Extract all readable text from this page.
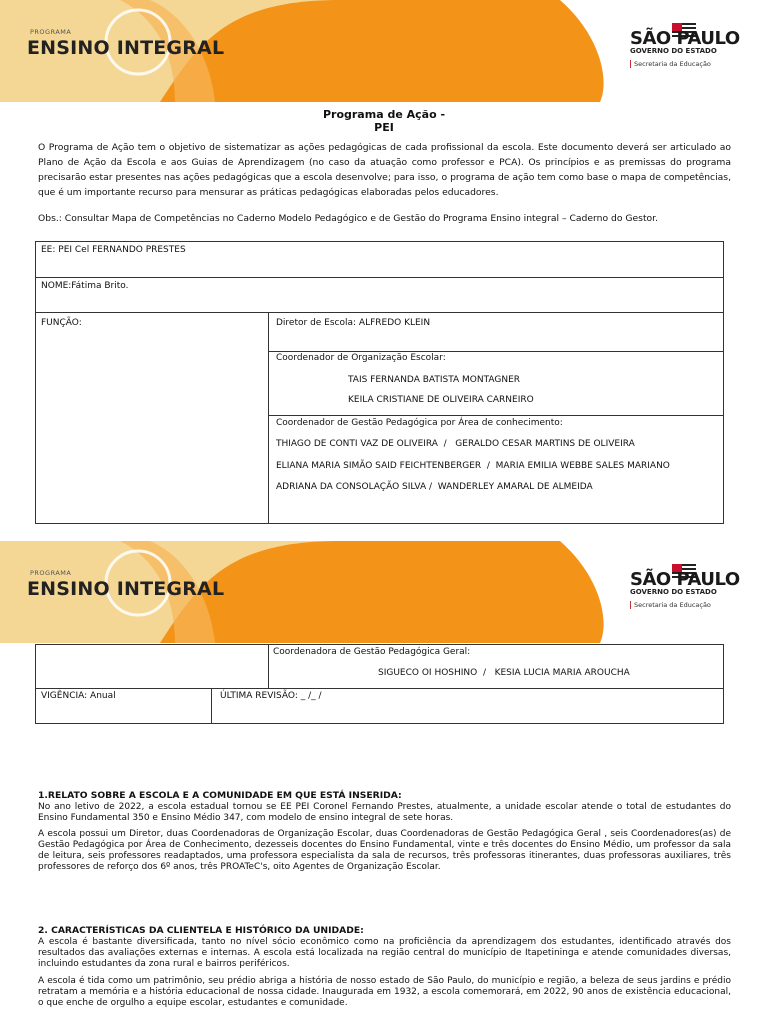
PROGRAMA
ENSINO INTEGRAL	SÃO PAULO
GOVERNO DO ESTADO
Secretaria da Educação
Programa de Ação -
PEI
O Programa de Ação tem o objetivo de sistematizar as ações pedagógicas de cada profissional da escola. Este documento deverá ser articulado ao Plano de Ação da Escola e aos Guias de Aprendizagem (no caso da atuação como professor e PCA). Os princípios e as premissas do programa precisarão estar presentes nas ações pedagógicas que a escola desenvolve; para isso, o programa de ação tem como base o mapa de competências, que é um importante recurso para mensurar as práticas pedagógicas elaboradas pelos educadores.
Obs.: Consultar Mapa de Competências no Caderno Modelo Pedagógico e de Gestão do Programa Ensino integral – Caderno do Gestor.
EE: PEI Cel FERNANDO PRESTES
NOME:Fátima Brito.
FUNÇÃO:	Diretor de Escola: ALFREDO KLEIN
Coordenador de Organização Escolar:
TAIS FERNANDA BATISTA MONTAGNER
KEILA CRISTIANE DE OLIVEIRA CARNEIRO
Coordenador de Gestão Pedagógica por Área de conhecimento:
THIAGO DE CONTI VAZ DE OLIVEIRA  /   GERALDO CESAR MARTINS DE OLIVEIRA
ELIANA MARIA SIMÃO SAID FEICHTENBERGER  /  MARIA EMILIA WEBBE SALES MARIANO
ADRIANA DA CONSOLAÇÃO SILVA /  WANDERLEY AMARAL DE ALMEIDA
PROGRAMA
ENSINO INTEGRAL	SÃO PAULO
GOVERNO DO ESTADO
Secretaria da Educação
Coordenadora de Gestão Pedagógica Geral:
SIGUECO OI HOSHINO  /   KESIA LUCIA MARIA AROUCHA
VIGÊNCIA: Anual	ÚLTIMA REVISÃO: _ /_ /
1.RELATO SOBRE A ESCOLA E A COMUNIDADE EM QUE ESTÁ INSERIDA:
No ano letivo de 2022, a escola estadual tornou se EE PEI Coronel Fernando Prestes, atualmente, a unidade escolar atende o total de estudantes do Ensino Fundamental 350 e Ensino Médio 347, com modelo de ensino integral de sete horas.
A escola possui um Diretor, duas Coordenadoras de Organização Escolar, duas Coordenadoras de Gestão Pedagógica Geral , seis Coordenadores(as) de Gestão Pedagógica por Área de Conhecimento, dezesseis docentes do Ensino Fundamental, vinte e três docentes do Ensino Médio, um professor da sala de leitura, seis professores readaptados, uma professora especialista da sala de recursos, três professoras itinerantes, duas professoras auxiliares, três professores de reforço dos 6º anos, três PROATeC's, oito Agentes de Organização Escolar.
2. CARACTERÍSTICAS DA CLIENTELA E HISTÓRICO DA UNIDADE:
A escola é bastante diversificada, tanto no nível sócio econômico como na proficiência da aprendizagem dos estudantes, identificado através dos resultados das avaliações externas e internas. A escola está localizada na região central do município de Itapetininga e atende comunidades diversas, incluindo estudantes da zona rural e bairros periféricos.
A escola é tida como um patrimônio, seu prédio abriga a história de nosso estado de São Paulo, do município e região, a beleza de seus jardins e prédio retratam a memória e a história educacional de nossa cidade. Inaugurada em 1932, a escola comemorará, em 2022, 90 anos de existência educacional, o que enche de orgulho a equipe escolar, estudantes e comunidade.
